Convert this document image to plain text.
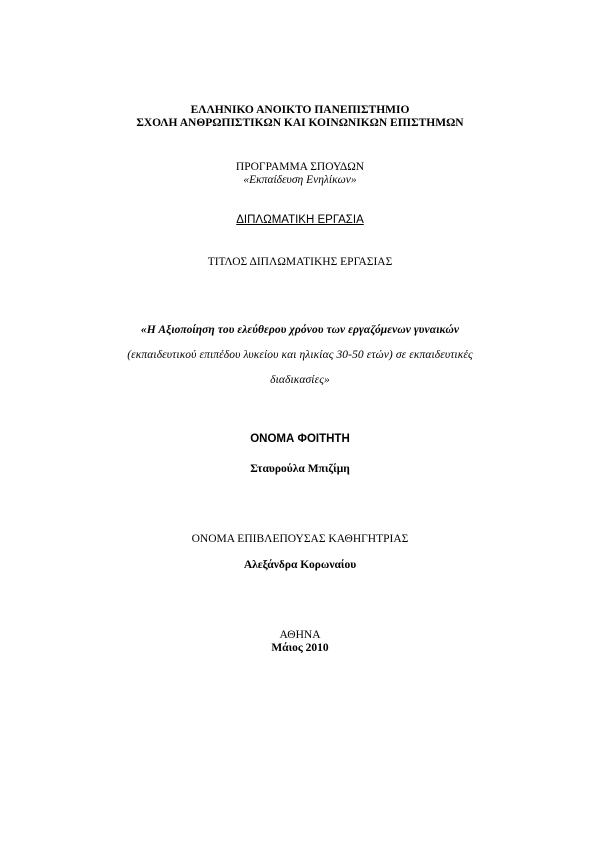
ΕΛΛΗΝΙΚΟ ΑΝΟΙΚΤΟ ΠΑΝΕΠΙΣΤΗΜΙΟ
ΣΧΟΛΗ ΑΝΘΡΩΠΙΣΤΙΚΩΝ ΚΑΙ ΚΟΙΝΩΝΙΚΩΝ ΕΠΙΣΤΗΜΩΝ
ΠΡΟΓΡΑΜΜΑ ΣΠΟΥΔΩΝ
«Εκπαίδευση Ενηλίκων»
ΔΙΠΛΩΜΑΤΙΚΗ ΕΡΓΑΣΙΑ
ΤΙΤΛΟΣ ΔΙΠΛΩΜΑΤΙΚΗΣ ΕΡΓΑΣΙΑΣ
«Η Αξιοποίηση του ελεύθερου χρόνου των εργαζόμενων γυναικών
(εκπαιδευτικού επιπέδου λυκείου και ηλικίας 30-50 ετών) σε εκπαιδευτικές
διαδικασίες»
ΟΝΟΜΑ ΦΟΙΤΗΤΗ
Σταυρούλα Μπιζίμη
ΟΝΟΜΑ ΕΠΙΒΛΕΠΟΥΣΑΣ ΚΑΘΗΓΗΤΡΙΑΣ
Αλεξάνδρα Κορωναίου
ΑΘΗΝΑ
Μάιος 2010
